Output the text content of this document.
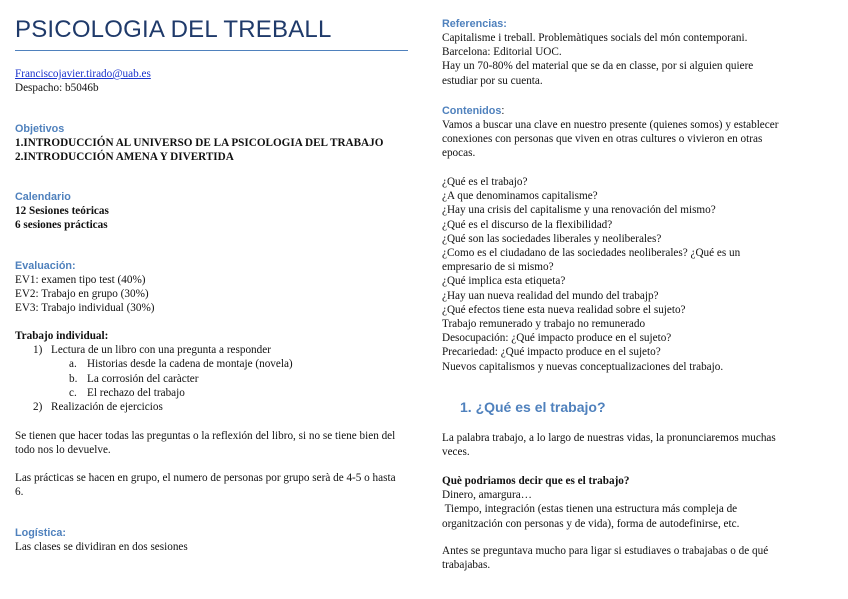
PSICOLOGIA DEL TREBALL

Franciscojavier.tirado@uab.es

Despacho: b5046b

Objetivos

1.INTRODUCCIÓN AL UNIVERSO DE LA PSICOLOGIA DEL TRABAJO

2.INTRODUCCIÓN AMENA Y DIVERTIDA

Calendario

12 Sesiones teóricas

6 sesiones prácticas

Evaluación:

EV1: examen tipo test (40%)

EV2: Trabajo en grupo (30%)

EV3: Trabajo individual (30%)

Trabajo individual:

1) Lectura de un libro con una pregunta a responder
a. Historias desde la cadena de montaje (novela)
b. La corrosión del caràcter
c. El rechazo del trabajo
2) Realización de ejercicios

Se tienen que hacer todas las preguntas o la reflexión del libro, si no se tiene bien del todo nos lo devuelve.

Las prácticas se hacen en grupo, el numero de personas por grupo serà de 4-5 o hasta 6.

Logística:

Las clases se dividiran en dos sesiones

Referencias:

Capitalisme i treball. Problemàtiques socials del món contemporani.

Barcelona: Editorial UOC.

Hay un 70-80% del material que se da en classe, por si alguien quiere

estudiar por su cuenta.

Contenidos:

Vamos a buscar una clave en nuestro presente (quienes somos) y establecer

conexiones con personas que viven en otras cultures o vivieron en otras

epocas.

¿Qué es el trabajo?

¿A que denominamos capitalisme?

¿Hay una crisis del capitalisme y una renovación del mismo?

¿Qué es el discurso de la flexibilidad?

¿Qué son las sociedades liberales y neoliberales?

¿Como es el ciudadano de las sociedades neoliberales? ¿Qué es un

empresario de si mismo?

¿Qué implica esta etiqueta?

¿Hay uan nueva realidad del mundo del trabajp?

¿Qué efectos tiene esta nueva realidad sobre el sujeto?

Trabajo remunerado y trabajo no remunerado

Desocupación: ¿Qué impacto produce en el sujeto?

Precariedad: ¿Qué impacto produce en el sujeto?

Nuevos capitalismos y nuevas conceptualizaciones del trabajo.

1. ¿Qué es el trabajo?

La palabra trabajo, a lo largo de nuestras vidas, la pronunciaremos muchas

veces.

Què podriamos decir que es el trabajo?

Dinero, amargura…

Tiempo, integración (estas tienen una estructura más compleja de

organitzación con personas y de vida), forma de autodefinirse, etc.

Antes se preguntava mucho para ligar si estudiaves o trabajabas o de qué

trabajabas.
